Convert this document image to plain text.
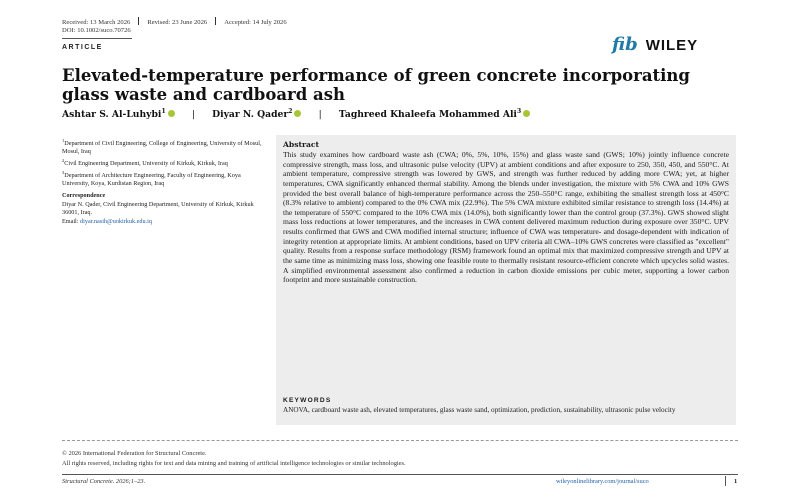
Received: 13 March 2026	Revised: 23 June 2026	Accepted: 14 July 2026
DOI: 10.1002/suco.70726
ARTICLE	fib WILEY
Elevated-temperature performance of green concrete incorporating glass waste and cardboard ash
Ashtar S. Al-Luhybi$^1$	| Diyar N. Qader$^2$	| Taghreed Khaleefa Mohammed Ali$^3$

$^1$Department of Civil Engineering, College of Engineering, University of Mosul, Mosul, Iraq

$^2$Civil Engineering Department, University of Kirkuk, Kirkuk, Iraq

$^3$Department of Architecture Engineering, Faculty of Engineering, Koya University, Koya, Kurdistan Region, Iraq

Correspondence

Diyar N. Qader, Civil Engineering Department, University of Kirkuk, Kirkuk 36001, Iraq.

Email: diyar.nasih@uokirkuk.edu.iq

Abstract
This study examines how cardboard waste ash (CWA; 0%, 5%, 10%, 15%) and glass waste sand (GWS; 10%) jointly influence concrete compressive strength, mass loss, and ultrasonic pulse velocity (UPV) at ambient conditions and after exposure to 250, 350, 450, and 550°C. At ambient temperature, compressive strength was lowered by GWS, and strength was further reduced by adding more CWA; yet, at higher temperatures, CWA significantly enhanced thermal stability. Among the blends under investigation, the mixture with 5% CWA and 10% GWS provided the best overall balance of high-temperature performance across the 250–550°C range, exhibiting the smallest strength loss at 450°C (8.3% relative to ambient) compared to the 0% CWA mix (22.9%). The 5% CWA mixture exhibited similar resistance to strength loss (14.4%) at the temperature of 550°C compared to the 10% CWA mix (14.0%), both significantly lower than the control group (37.3%). GWS showed slight mass loss reductions at lower temperatures, and the increases in CWA content delivered maximum reduction during exposure over 350°C. UPV results confirmed that GWS and CWA modified internal structure; influence of CWA was temperature- and dosage-dependent with indication of integrity retention at appropriate limits. At ambient conditions, based on UPV criteria all CWA–10% GWS concretes were classified as "excellent" quality. Results from a response surface methodology (RSM) framework found an optimal mix that maximized compressive strength and UPV at the same time as minimizing mass loss, showing one feasible route to thermally resistant resource-efficient concrete which upcycles solid wastes. A simplified environmental assessment also confirmed a reduction in carbon dioxide emissions per cubic meter, supporting a lower carbon footprint and more sustainable construction.
KEYWORDS
ANOVA, cardboard waste ash, elevated temperatures, glass waste sand, optimization, prediction, sustainability, ultrasonic pulse velocity
© 2026 International Federation for Structural Concrete.
All rights reserved, including rights for text and data mining and training of artificial intelligence technologies or similar technologies.
Structural Concrete. 2026;1–23.	wileyonlinelibrary.com/journal/suco	1
